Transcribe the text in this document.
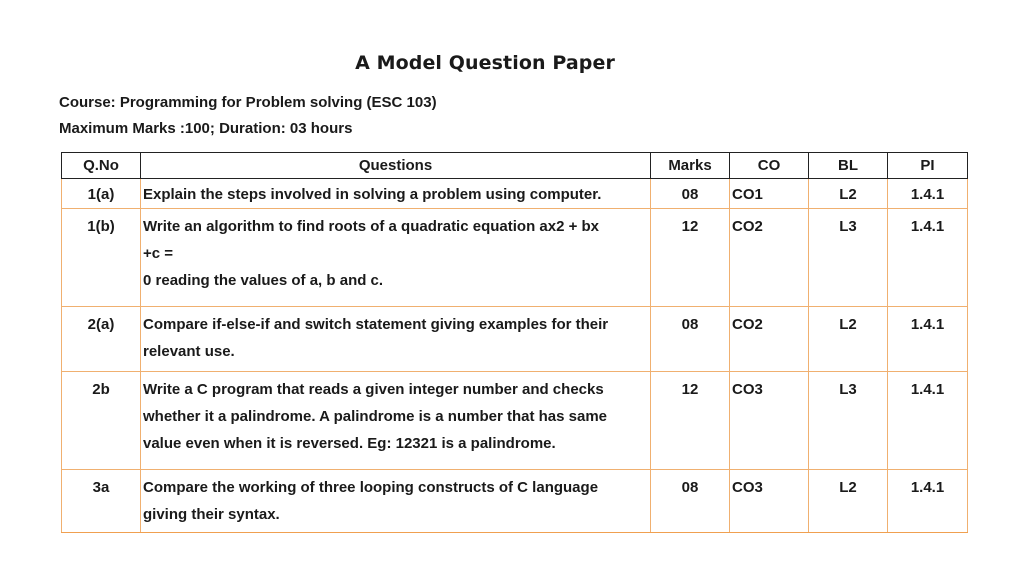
A Model Question Paper
Course: Programming for Problem solving (ESC 103)
Maximum Marks :100; Duration: 03 hours
Q.No	Questions	Marks	CO	BL	PI
1(a)	Explain the steps involved in solving a problem using computer.	08	CO1	L2	1.4.1
1(b)	Write an algorithm to find roots of a quadratic equation ax2 + bx
+c =
0 reading the values of a, b and c.	12	CO2	L3	1.4.1
2(a)	Compare if-else-if and switch statement giving examples for their
relevant use.	08	CO2	L2	1.4.1
2b	Write a C program that reads a given integer number and checks
whether it a palindrome. A palindrome is a number that has same
value even when it is reversed. Eg: 12321 is a palindrome.	12	CO3	L3	1.4.1
3a	Compare the working of three looping constructs of C language
giving their syntax.	08	CO3	L2	1.4.1
